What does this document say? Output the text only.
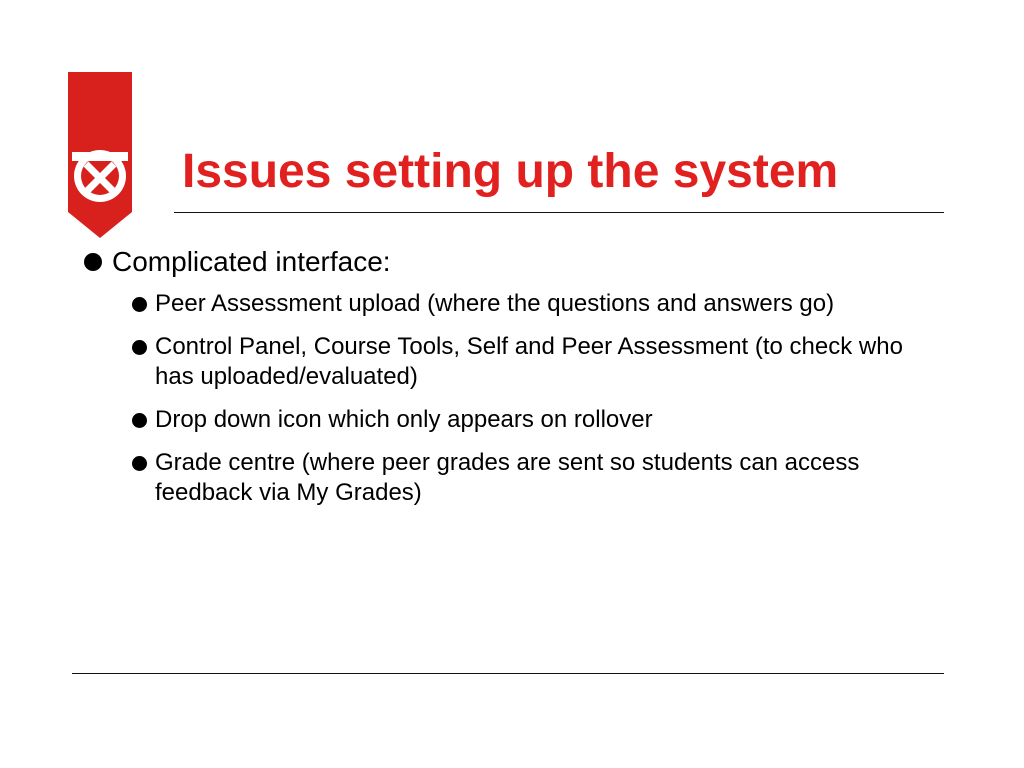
Issues setting up the system
Complicated interface:
Peer Assessment upload (where the questions and answers go)
Control Panel, Course Tools, Self and Peer Assessment (to check who has uploaded/evaluated)
Drop down icon which only appears on rollover
Grade centre (where peer grades are sent so students can access feedback via My Grades)
